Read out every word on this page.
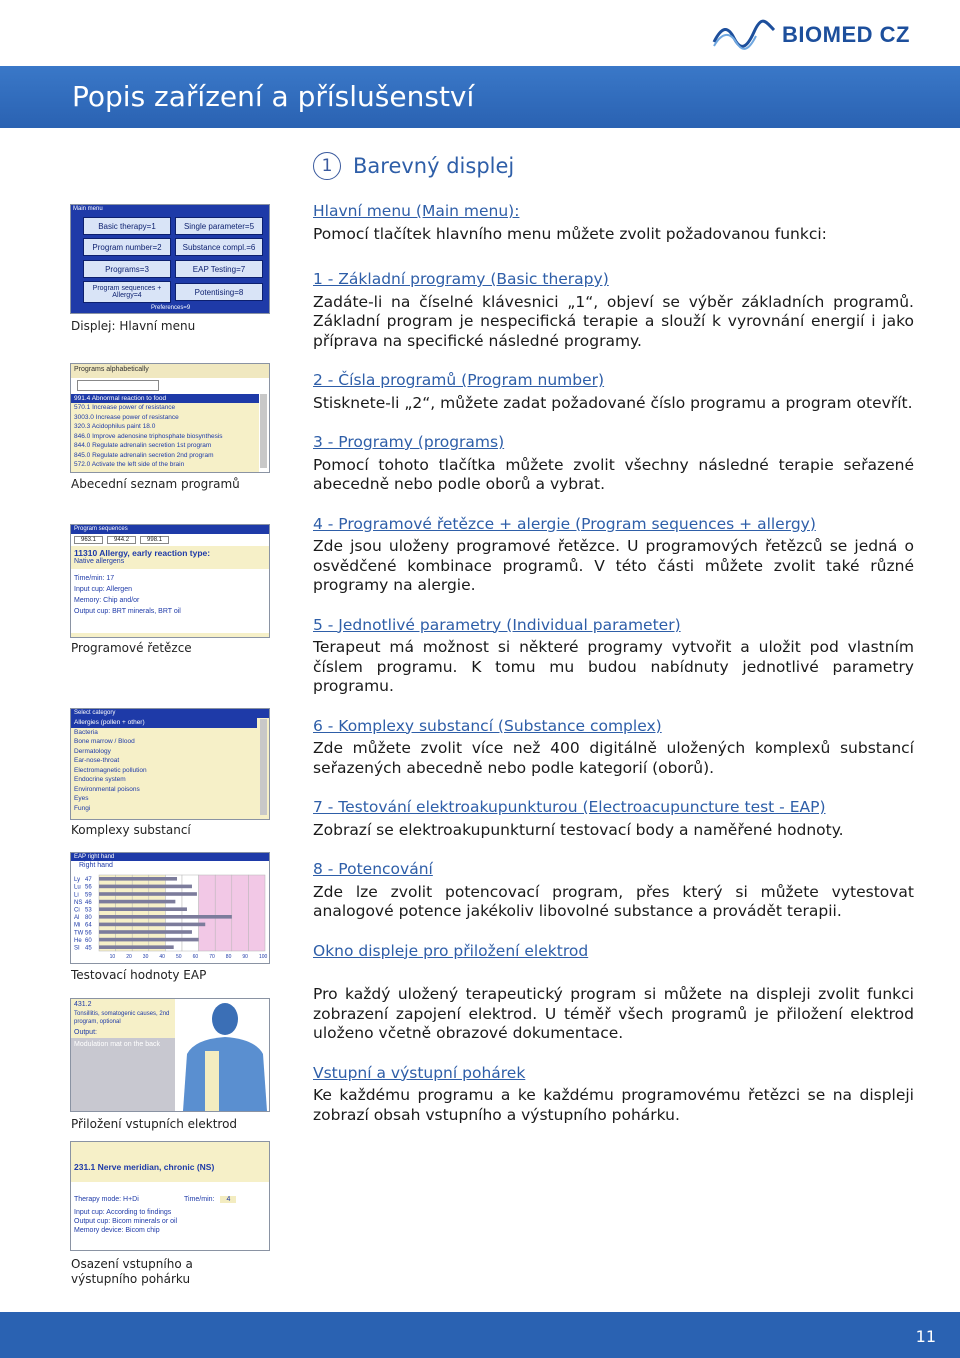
BIOMED CZ
Popis zařízení a příslušenství
1 Barevný displej
Hlavní menu (Main menu):

Pomocí tlačítek hlavního menu můžete zvolit požadovanou funkci:

1 - Základní programy (Basic therapy)

Zadáte-li na číselné klávesnici „1“, objeví se výběr základních programů. Základní program je nespecifická terapie a slouží k vyrovnání energií i jako příprava na specifické následné programy.

2 - Čísla programů (Program number)

Stisknete-li „2“, můžete zadat požadované číslo programu a program otevřít.

3 - Programy (programs)

Pomocí tohoto tlačítka můžete zvolit všechny následné terapie seřazené abecedně nebo podle oborů a vybrat.

4 - Programové řetězce + alergie (Program sequences + allergy)

Zde jsou uloženy programové řetězce. U programových řetězců se jedná o osvědčené kombinace programů. V této části můžete zvolit také různé programy na alergie.

5 - Jednotlivé parametry (Individual parameter)

Terapeut má možnost si některé programy vytvořit a uložit pod vlastním číslem programu. K tomu mu budou nabídnuty jednotlivé parametry programu.

6 - Komplexy substancí (Substance complex)

Zde můžete zvolit více než 400 digitálně uložených komplexů substancí seřazených abecedně nebo podle kategorií (oborů).

7 - Testování elektroakupunkturou (Electroacupuncture test - EAP)

Zobrazí se elektroakupunkturní testovací body a naměřené hodnoty.

8 - Potencování

Zde lze zvolit potencovací program, přes který si můžete vytestovat analogové potence jakékoliv libovolné substance a provádět terapii.

Okno displeje pro přiložení elektrod

Pro každý uložený terapeutický program si můžete na displeji zvolit funkci zobrazení zapojení elektrod. U téměř všech programů je přiložení elektrod uloženo včetně obrazové dokumentace.

Vstupní a výstupní pohárek

Ke každému programu a ke každému programovému řetězci se na displeji zobrazí obsah vstupního a výstupního pohárku.

Main menu
Basic therapy=1	Single parameter=5
Program number=2	Substance compl.=6
Programs=3	EAP Testing=7
Program sequences + Allergy=4	Potentising=8
Preferences=9
Displej: Hlavní menu
Programs alphabetically
991.4 Abnormal reaction to food
570.1 Increase power of resistance
3003.0 Increase power of resistance
320.3 Acidophilus paint 18.0
846.0 Improve adenosine triphosphate biosynthesis
844.0 Regulate adrenalin secretion 1st program
845.0 Regulate adrenalin secretion 2nd program
572.0 Activate the left side of the brain
Abecední seznam programů
Program sequences
963.1	944.2	998.1
11310 Allergy, early reaction type:
Native allergens
Time/min: 17
Input cup: Allergen
Memory: Chip and/or
Output cup: BRT minerals, BRT oil
Programové řetězce
Select category
Allergies (pollen + other)
Bacteria
Bone marrow / Blood
Dermatology
Ear-nose-throat
Electromagnetic pollution
Endocrine system
Environmental poisons
Eyes
Fungi
Komplexy substancí
EAP right hand
Right hand
Ly 47
Lu 56
Li 59
NS 46
Ci 53
Al 80
Mi 64
TW 56
He 60
SI 45
10 20 30 40 50 60 70 80 90 100
Testovací hodnoty EAP
431.2
Tonsillitis, somatogenic causes, 2nd program, optional
Output:
Modulation mat on the back
Přiložení vstupních elektrod
231.1 Nerve meridian, chronic (NS)
Therapy mode: H+Di	Time/min:	4
Input cup: According to findings
Output cup: Bicom minerals or oil
Memory device: Bicom chip
Osazení vstupního a výstupního pohárku
11
